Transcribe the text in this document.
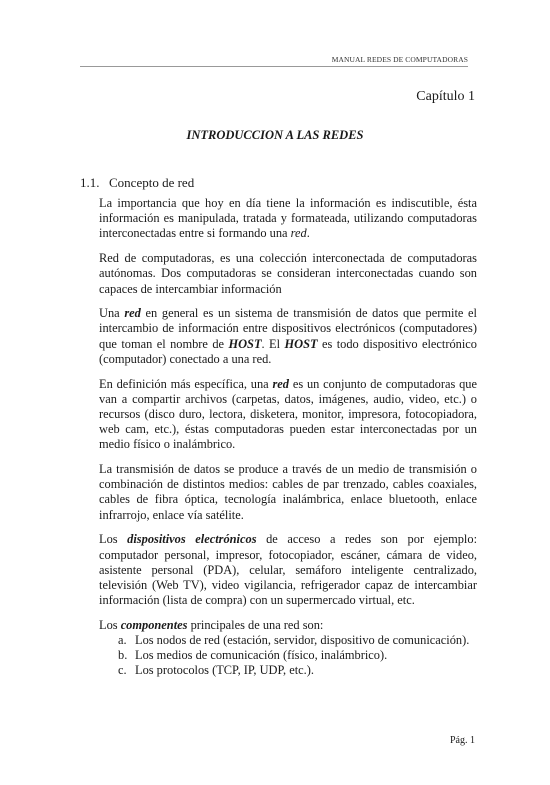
MANUAL REDES DE COMPUTADORAS
Capítulo 1
INTRODUCCION A LAS REDES
1.1. Concepto de red

La importancia que hoy en día tiene la información es indiscutible, ésta información es manipulada, tratada y formateada, utilizando computadoras interconectadas entre si formando una red.

Red de computadoras, es una colección interconectada de computadoras autónomas. Dos computadoras se consideran interconectadas cuando son capaces de intercambiar información

Una red en general es un sistema de transmisión de datos que permite el intercambio de información entre dispositivos electrónicos (computadores) que toman el nombre de HOST. El HOST es todo dispositivo electrónico (computador) conectado a una red.

En definición más específica, una red es un conjunto de computadoras que van a compartir archivos (carpetas, datos, imágenes, audio, video, etc.) o recursos (disco duro, lectora, disketera, monitor, impresora, fotocopiadora, web cam, etc.), éstas computadoras pueden estar interconectadas por un medio físico o inalámbrico.

La transmisión de datos se produce a través de un medio de transmisión o combinación de distintos medios: cables de par trenzado, cables coaxiales, cables de fibra óptica, tecnología inalámbrica, enlace bluetooth, enlace infrarrojo, enlace vía satélite.

Los dispositivos electrónicos de acceso a redes son por ejemplo: computador personal, impresor, fotocopiador, escáner, cámara de video, asistente personal (PDA), celular, semáforo inteligente centralizado, televisión (Web TV), video vigilancia, refrigerador capaz de intercambiar información (lista de compra) con un supermercado virtual, etc.

Los componentes principales de una red son:

a. Los nodos de red (estación, servidor, dispositivo de comunicación).
b. Los medios de comunicación (físico, inalámbrico).
c. Los protocolos (TCP, IP, UDP, etc.).
Pág. 1
